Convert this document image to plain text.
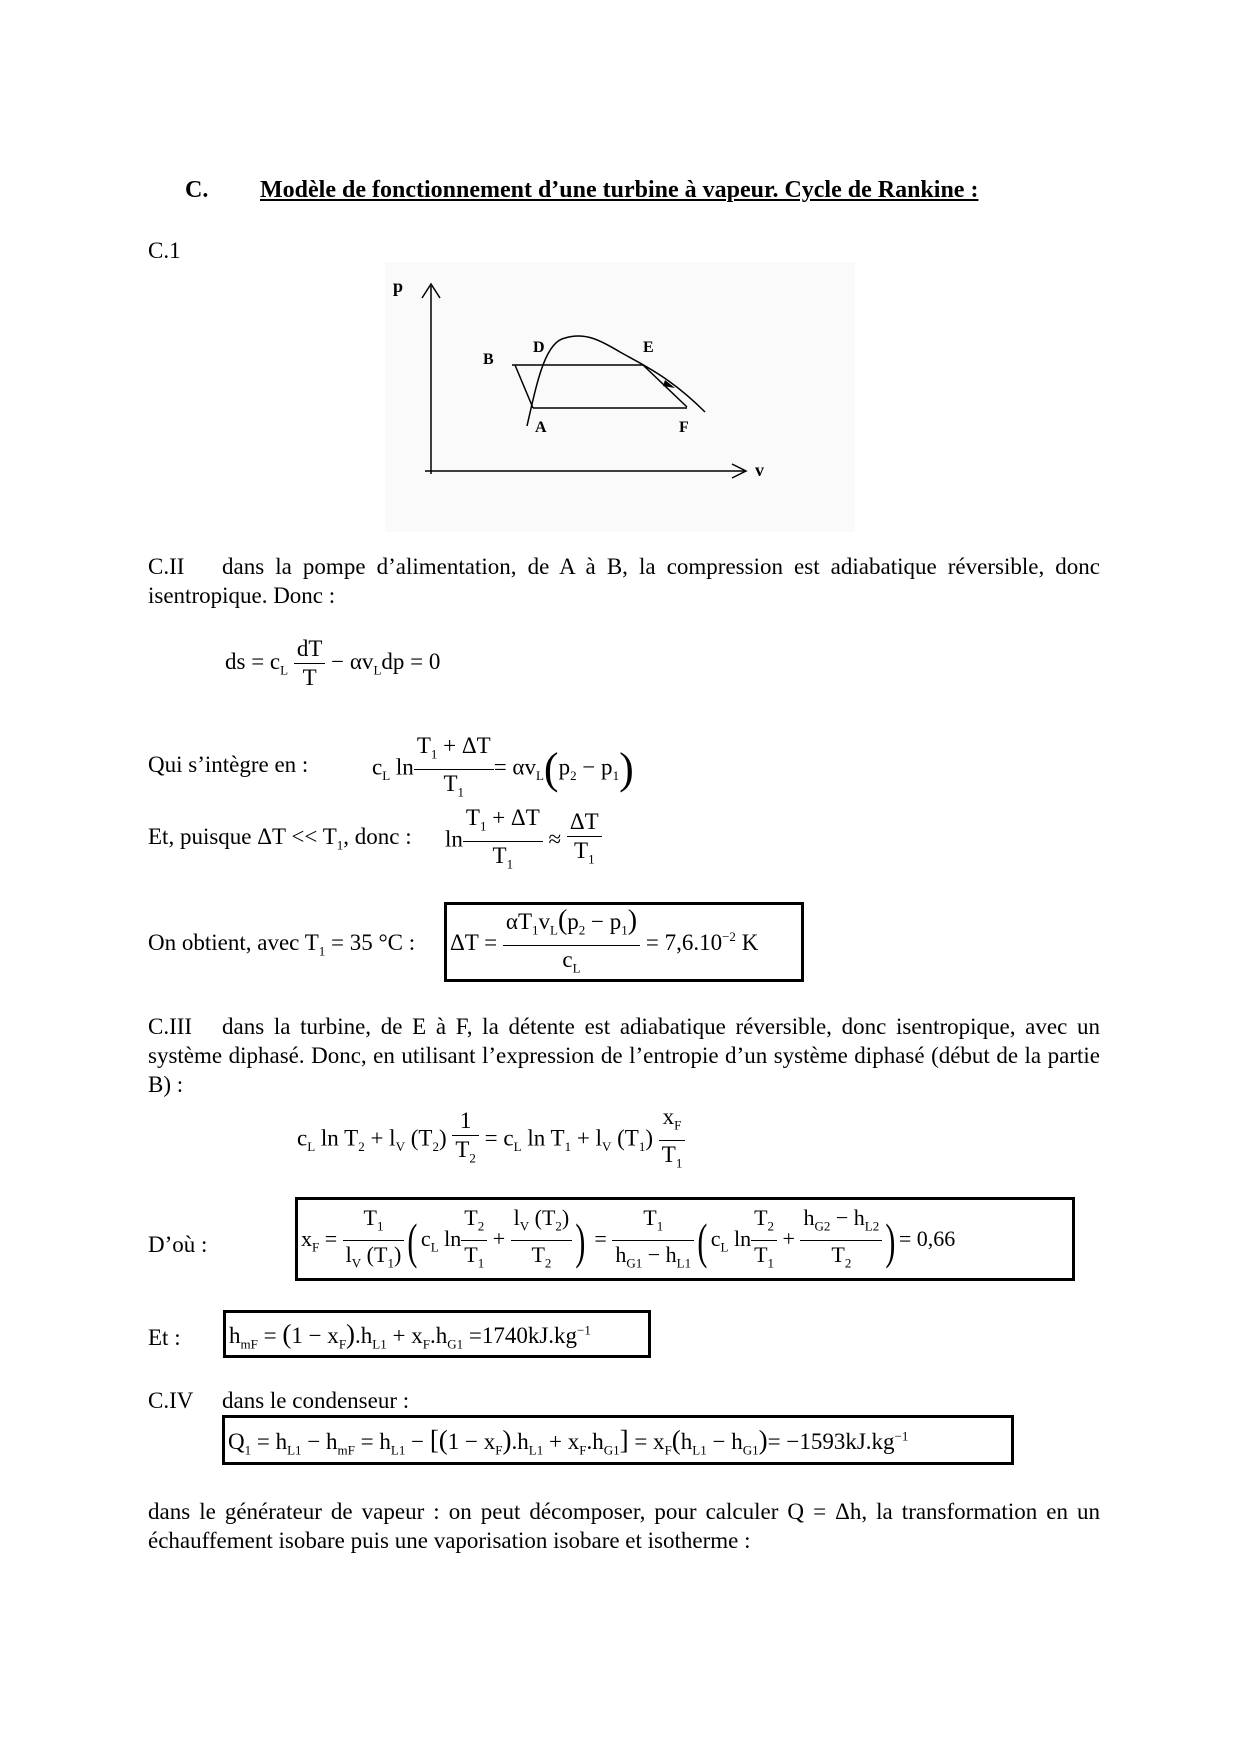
C. Modèle de fonctionnement d’une turbine à vapeur. Cycle de Rankine :
C.1
p
v
B
D	E
A	F
C.II dans la pompe d’alimentation, de A à B, la compression est adiabatique réversible, donc isentropique. Donc :
ds = $c_L \frac{dT}{T} - \alpha v_Ldp = 0$
Qui s’intègre en :	$c_L$ $\ln \frac{T_1 + \Delta T}{T_1} = \alpha v_L(p_2 - p_1)$
Et, puisque $\Delta T << T_1$, donc : $\ln \frac{T_1 + \Delta T}{T_1} \approx \frac{\Delta T}{T_1}$
On obtient, avec $T_1 = 35$ °C : $\Delta T = \frac{\alpha T_1v_L(p_2 - p_1)}{c_L} = 7,6.10^{-2}$ K
C.III dans la turbine, de E à F, la détente est adiabatique réversible, donc isentropique, avec un système diphasé. Donc, en utilisant l’expression de l’entropie d’un système diphasé (début de la partie B) :
$c_L$ $\ln T_2 + l_V$ $(T_2) \frac{1}{T_2} = c_L$ $\ln T_1 + l_V$ $(T_1) \frac{x_F}{T_1}$
D’où :	$x_F = \frac{T_1}{l_V (T_1)}$ ( $c_L$ $\ln \frac{T_2}{T_1} + \frac{l_V (T_2)}{T_2}$ ) = $\frac{T_1}{h_{G1} - h_{L1}}$ ( $c_L$ $\ln \frac{T_2}{T_1} + \frac{h_{G2} - h_{L2}}{T_2}$ ) = 0,66
Et : $h_{mF} = (1 - x_F).h_{L1} + x_F.h_{G1} =1740kJ.kg^{-1}$
C.IV dans le condenseur :
$Q_1 = h_{L1} - h_{mF} = h_{L1} - [(1 - x_F).h_{L1} + x_F.h_{G1}] = x_F(h_{L1} - h_{G1})= -1593kJ.kg^{-1}$
dans le générateur de vapeur : on peut décomposer, pour calculer Q = Δh, la transformation en un échauffement isobare puis une vaporisation isobare et isotherme :
